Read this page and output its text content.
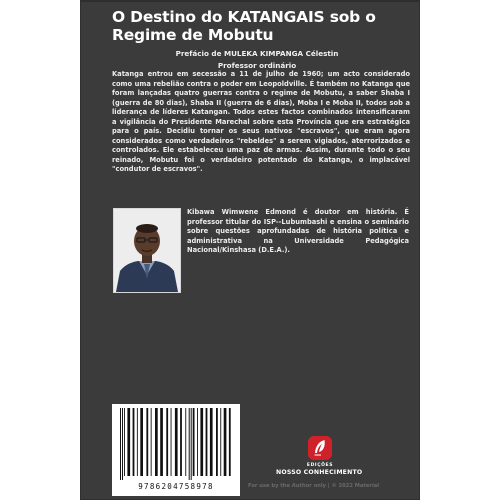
O Destino do KATANGAIS sob o Regime de Mobutu
Prefácio de MULEKA KIMPANGA Célestin
Professor ordinário
Katanga entrou em secessão a 11 de julho de 1960; um acto considerado como uma rebelião contra o poder em Leopoldville. É também no Katanga que foram lançadas quatro guerras contra o regime de Mobutu, a saber Shaba I (guerra de 80 dias), Shaba II (guerra de 6 dias), Moba I e Moba II, todos sob a liderança de líderes Katangan. Todos estes factos combinados intensificaram a vigilância do Presidente Marechal sobre esta Província que era estratégica para o país. Decidiu tornar os seus nativos "escravos", que eram agora considerados como verdadeiros "rebeldes" a serem vigiados, aterrorizados e controlados. Ele estabeleceu uma paz de armas. Assim, durante todo o seu reinado, Mobutu foi o verdadeiro potentado do Katanga, o implacável "condutor de escravos".
Kibawa Wimwene Edmond é doutor em história. É professor titular do ISP--Lubumbashi e ensina o seminário sobre questões aprofundadas de história política e administrativa na Universidade Pedagógica Nacional/Kinshasa (D.E.A.).
9786204758978	For use by the Author only | © 2022 Material
EDIÇÕES
NOSSO CONHECIMENTO
